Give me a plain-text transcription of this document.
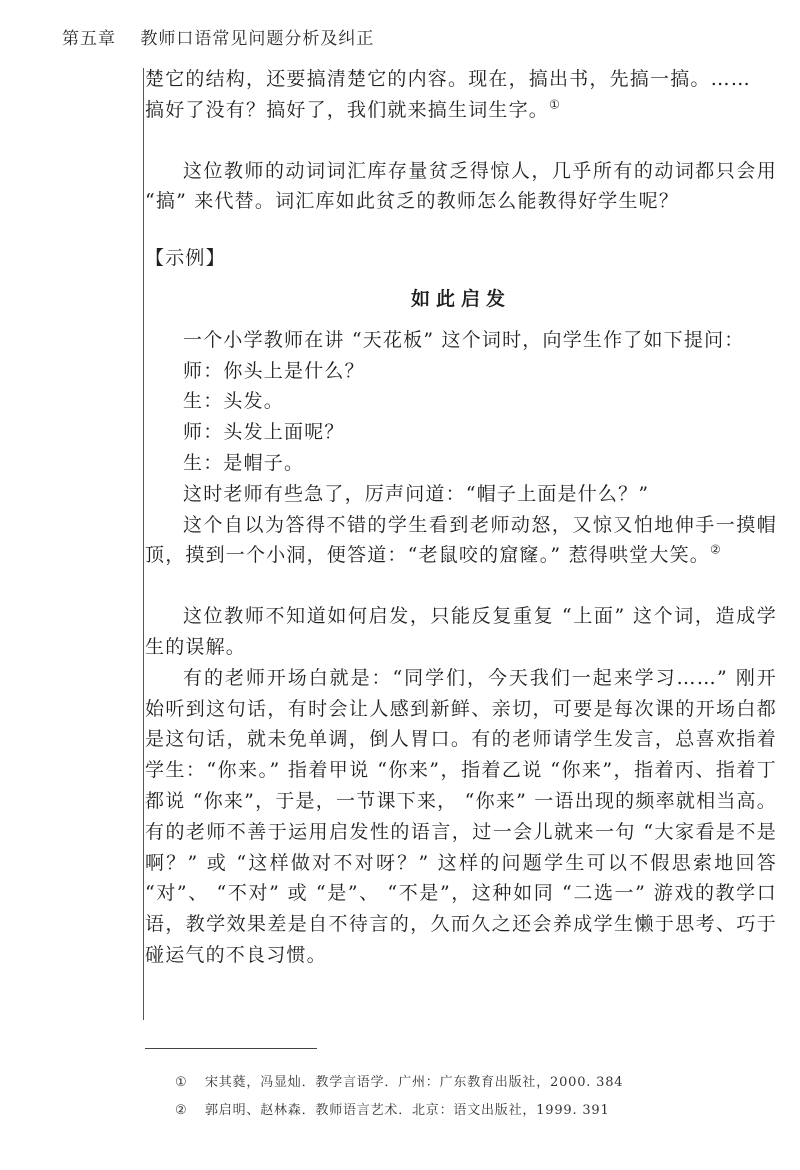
第五章 教师口语常见问题分析及纠正

楚它的结构，还要搞清楚它的内容。现在，搞出书，先搞一搞。……

搞好了没有？搞好了，我们就来搞生词生字。①

这位教师的动词词汇库存量贫乏得惊人，几乎所有的动词都只会用 “搞” 来代替。词汇库如此贫乏的教师怎么能教得好学生呢？

【示例】

如此启发

一个小学教师在讲 “天花板” 这个词时，向学生作了如下提问：

师：你头上是什么？

生：头发。

师：头发上面呢？

生：是帽子。

这时老师有些急了，厉声问道：“帽子上面是什么？”

这个自以为答得不错的学生看到老师动怒，又惊又怕地伸手一摸帽顶，摸到一个小洞，便答道：“老鼠咬的窟窿。” 惹得哄堂大笑。②

这位教师不知道如何启发，只能反复重复 “上面” 这个词，造成学生的误解。

有的老师开场白就是：“同学们，今天我们一起来学习……” 刚开始听到这句话，有时会让人感到新鲜、亲切，可要是每次课的开场白都是这句话，就未免单调，倒人胃口。有的老师请学生发言，总喜欢指着学生：“你来。” 指着甲说 “你来”，指着乙说 “你来”，指着丙、指着丁都说 “你来”，于是，一节课下来， “你来” 一语出现的频率就相当高。有的老师不善于运用启发性的语言，过一会儿就来一句 “大家看是不是啊？” 或 “这样做对不对呀？” 这样的问题学生可以不假思索地回答 “对”、 “不对” 或 “是”、 “不是”，这种如同 “二选一” 游戏的教学口语，教学效果差是自不待言的，久而久之还会养成学生懒于思考、巧于碰运气的不良习惯。

① 宋其蕤，冯显灿．教学言语学．广州：广东教育出版社，2000. 384
② 郭启明、赵林森．教师语言艺术．北京：语文出版社，1999. 391
